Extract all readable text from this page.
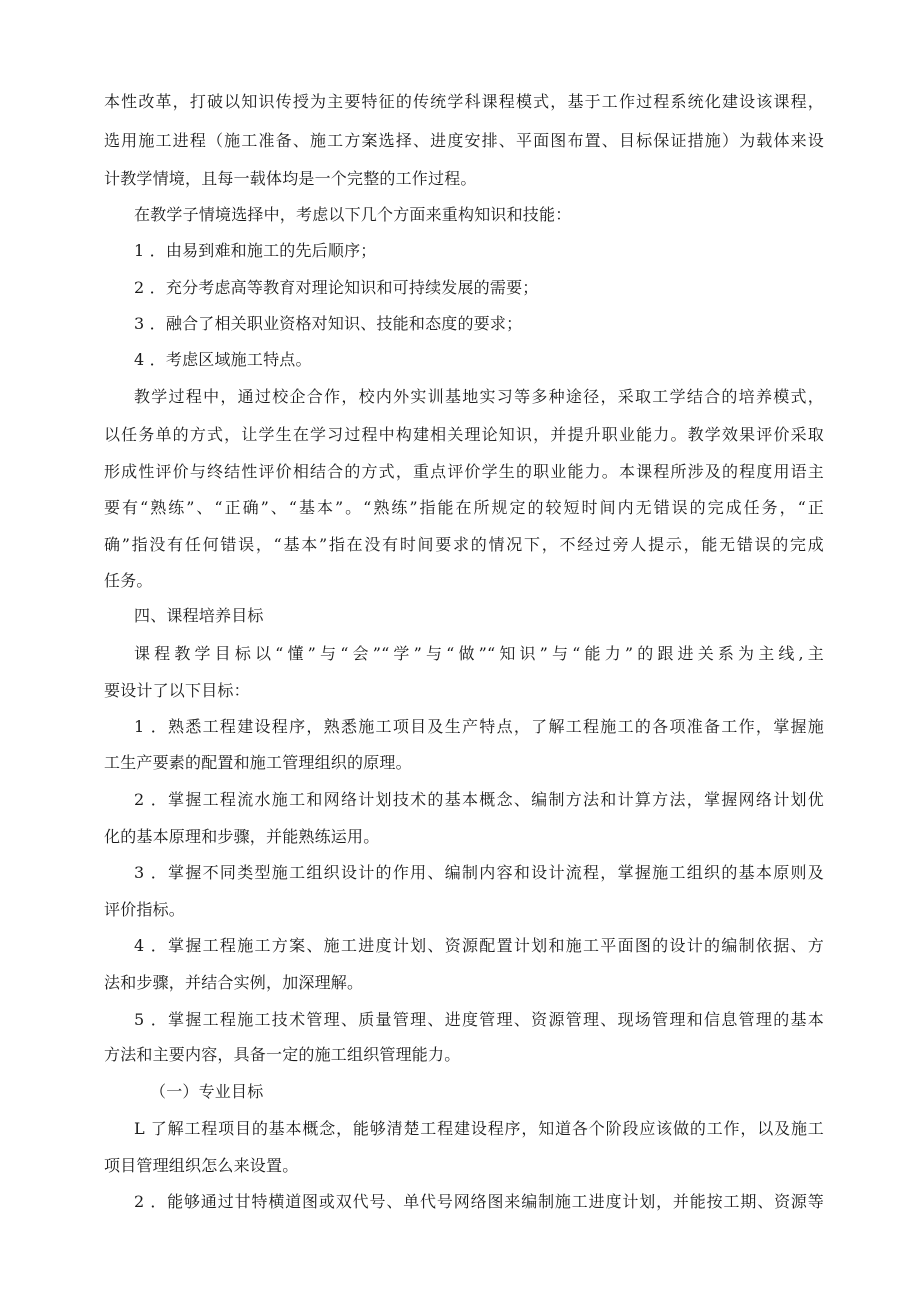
本性改革，打破以知识传授为主要特征的传统学科课程模式，基于工作过程系统化建设该课程，
选用施工进程（施工准备、施工方案选择、进度安排、平面图布置、目标保证措施）为载体来设
计教学情境，且每一载体均是一个完整的工作过程。
在教学子情境选择中，考虑以下几个方面来重构知识和技能：
1 ．由易到难和施工的先后顺序；
2 ．充分考虑高等教育对理论知识和可持续发展的需要；
3 ．融合了相关职业资格对知识、技能和态度的要求；
4 ．考虑区域施工特点。
教学过程中，通过校企合作，校内外实训基地实习等多种途径，采取工学结合的培养模式，
以任务单的方式，让学生在学习过程中构建相关理论知识，并提升职业能力。教学效果评价采取
形成性评价与终结性评价相结合的方式，重点评价学生的职业能力。本课程所涉及的程度用语主
要有“熟练”、“正确”、“基本”。“熟练”指能在所规定的较短时间内无错误的完成任务，“正
确”指没有任何错误，“基本”指在没有时间要求的情况下，不经过旁人提示，能无错误的完成
任务。
四、课程培养目标
课程教学目标以“懂”与“会”“学”与“做”“知识”与“能力”的跟进关系为主线,主
要设计了以下目标：
1 ．熟悉工程建设程序，熟悉施工项目及生产特点，了解工程施工的各项准备工作，掌握施
工生产要素的配置和施工管理组织的原理。
2 ．掌握工程流水施工和网络计划技术的基本概念、编制方法和计算方法，掌握网络计划优
化的基本原理和步骤，并能熟练运用。
3 ．掌握不同类型施工组织设计的作用、编制内容和设计流程，掌握施工组织的基本原则及
评价指标。
4 ．掌握工程施工方案、施工进度计划、资源配置计划和施工平面图的设计的编制依据、方
法和步骤，并结合实例，加深理解。
5 ．掌握工程施工技术管理、质量管理、进度管理、资源管理、现场管理和信息管理的基本
方法和主要内容，具备一定的施工组织管理能力。
（一）专业目标
L 了解工程项目的基本概念，能够清楚工程建设程序，知道各个阶段应该做的工作，以及施工
项目管理组织怎么来设置。
2 ．能够通过甘特横道图或双代号、单代号网络图来编制施工进度计划，并能按工期、资源等
